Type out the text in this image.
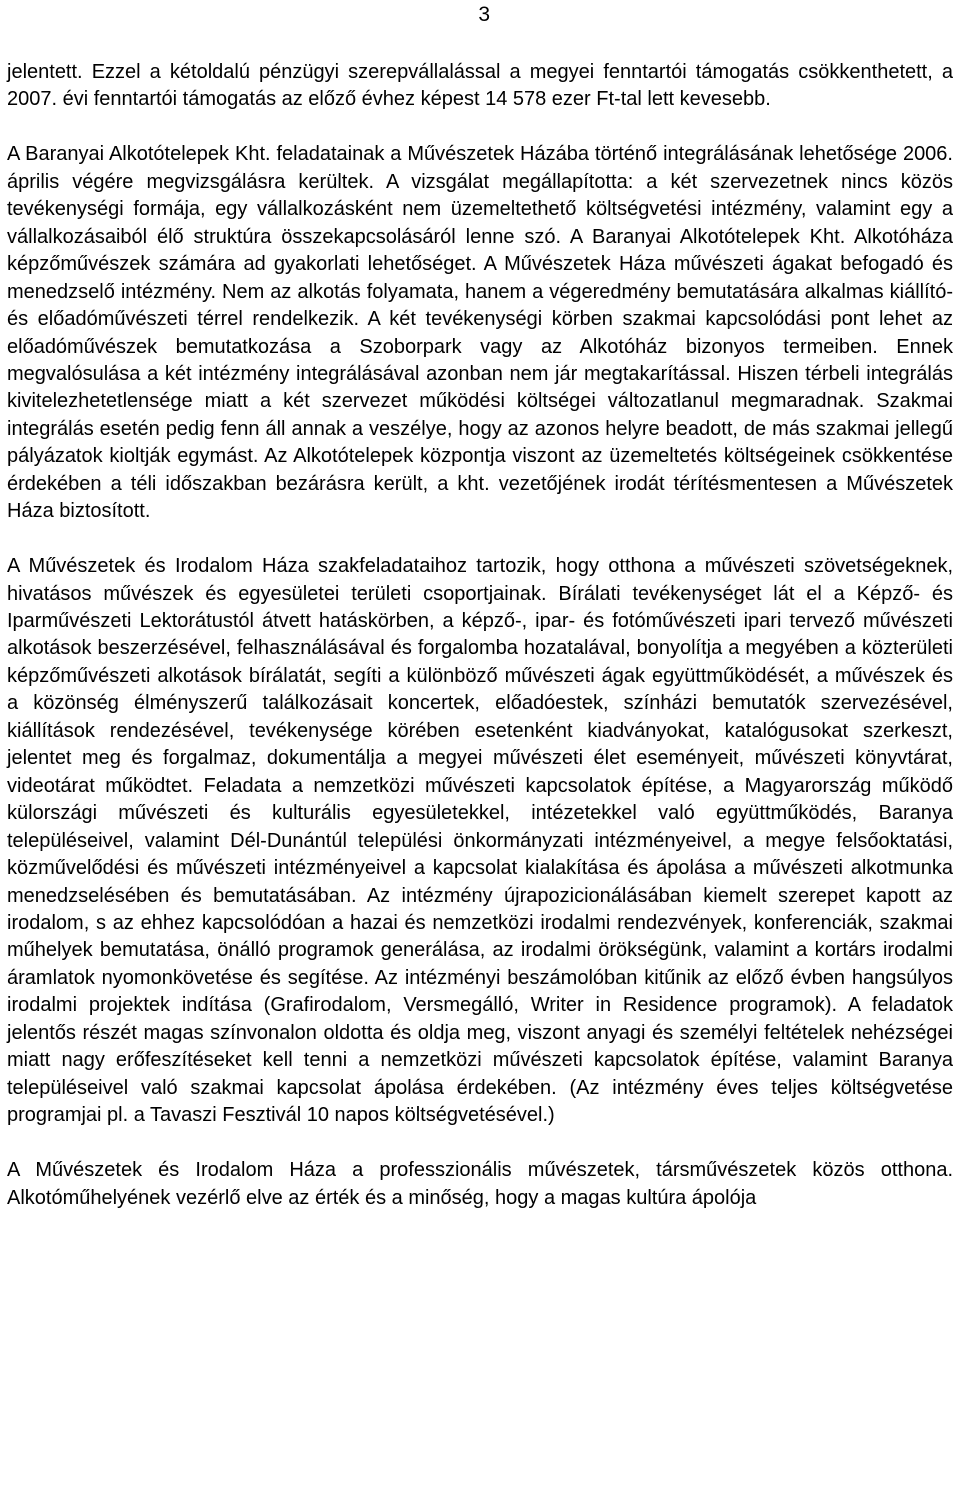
3

jelentett. Ezzel a kétoldalú pénzügyi szerepvállalással a megyei fenntartói támogatás csökkenthetett, a 2007. évi fenntartói támogatás az előző évhez képest 14 578 ezer Ft-tal lett kevesebb.

A Baranyai Alkotótelepek Kht. feladatainak a Művészetek Házába történő integrálásának lehetősége 2006. április végére megvizsgálásra kerültek. A vizsgálat megállapította: a két szervezetnek nincs közös tevékenységi formája, egy vállalkozásként nem üzemeltethető költségvetési intézmény, valamint egy a vállalkozásaiból élő struktúra összekapcsolásáról lenne szó. A Baranyai Alkotótelepek Kht. Alkotóháza képzőművészek számára ad gyakorlati lehetőséget. A Művészetek Háza művészeti ágakat befogadó és menedzselő intézmény. Nem az alkotás folyamata, hanem a végeredmény bemutatására alkalmas kiállító- és előadóművészeti térrel rendelkezik. A két tevékenységi körben szakmai kapcsolódási pont lehet az előadóművészek bemutatkozása a Szoborpark vagy az Alkotóház bizonyos termeiben. Ennek megvalósulása a két intézmény integrálásával azonban nem jár megtakarítással. Hiszen térbeli integrálás kivitelezhetetlensége miatt a két szervezet működési költségei változatlanul megmaradnak. Szakmai integrálás esetén pedig fenn áll annak a veszélye, hogy az azonos helyre beadott, de más szakmai jellegű pályázatok kioltják egymást. Az Alkotótelepek központja viszont az üzemeltetés költségeinek csökkentése érdekében a téli időszakban bezárásra került, a kht. vezetőjének irodát térítésmentesen a Művészetek Háza biztosított.

A Művészetek és Irodalom Háza szakfeladataihoz tartozik, hogy otthona a művészeti szövetségeknek, hivatásos művészek és egyesületei területi csoportjainak. Bírálati tevékenységet lát el a Képző- és Iparművészeti Lektorátustól átvett hatáskörben, a képző-, ipar- és fotóművészeti ipari tervező művészeti alkotások beszerzésével, felhasználásával és forgalomba hozatalával, bonyolítja a megyében a közterületi képzőművészeti alkotások bírálatát, segíti a különböző művészeti ágak együttműködését, a művészek és a közönség élményszerű találkozásait koncertek, előadóestek, színházi bemutatók szervezésével, kiállítások rendezésével, tevékenysége körében esetenként kiadványokat, katalógusokat szerkeszt, jelentet meg és forgalmaz, dokumentálja a megyei művészeti élet eseményeit, művészeti könyvtárat, videotárat működtet. Feladata a nemzetközi művészeti kapcsolatok építése, a Magyarország működő külországi művészeti és kulturális egyesületekkel, intézetekkel való együttműködés, Baranya településeivel, valamint Dél-Dunántúl települési önkormányzati intézményeivel, a megye felsőoktatási, közművelődési és művészeti intézményeivel a kapcsolat kialakítása és ápolása a művészeti alkotmunka menedzselésében és bemutatásában. Az intézmény újrapozicionálásában kiemelt szerepet kapott az irodalom, s az ehhez kapcsolódóan a hazai és nemzetközi irodalmi rendezvények, konferenciák, szakmai műhelyek bemutatása, önálló programok generálása, az irodalmi örökségünk, valamint a kortárs irodalmi áramlatok nyomonkövetése és segítése. Az intézményi beszámolóban kitűnik az előző évben hangsúlyos irodalmi projektek indítása (Grafirodalom, Versmegálló, Writer in Residence programok). A feladatok jelentős részét magas színvonalon oldotta és oldja meg, viszont anyagi és személyi feltételek nehézségei miatt nagy erőfeszítéseket kell tenni a nemzetközi művészeti kapcsolatok építése, valamint Baranya településeivel való szakmai kapcsolat ápolása érdekében. (Az intézmény éves teljes költségvetése programjai pl. a Tavaszi Fesztivál 10 napos költségvetésével.)

A Művészetek és Irodalom Háza a professzionális művészetek, társművészetek közös otthona. Alkotóműhelyének vezérlő elve az érték és a minőség, hogy a magas kultúra ápolója
